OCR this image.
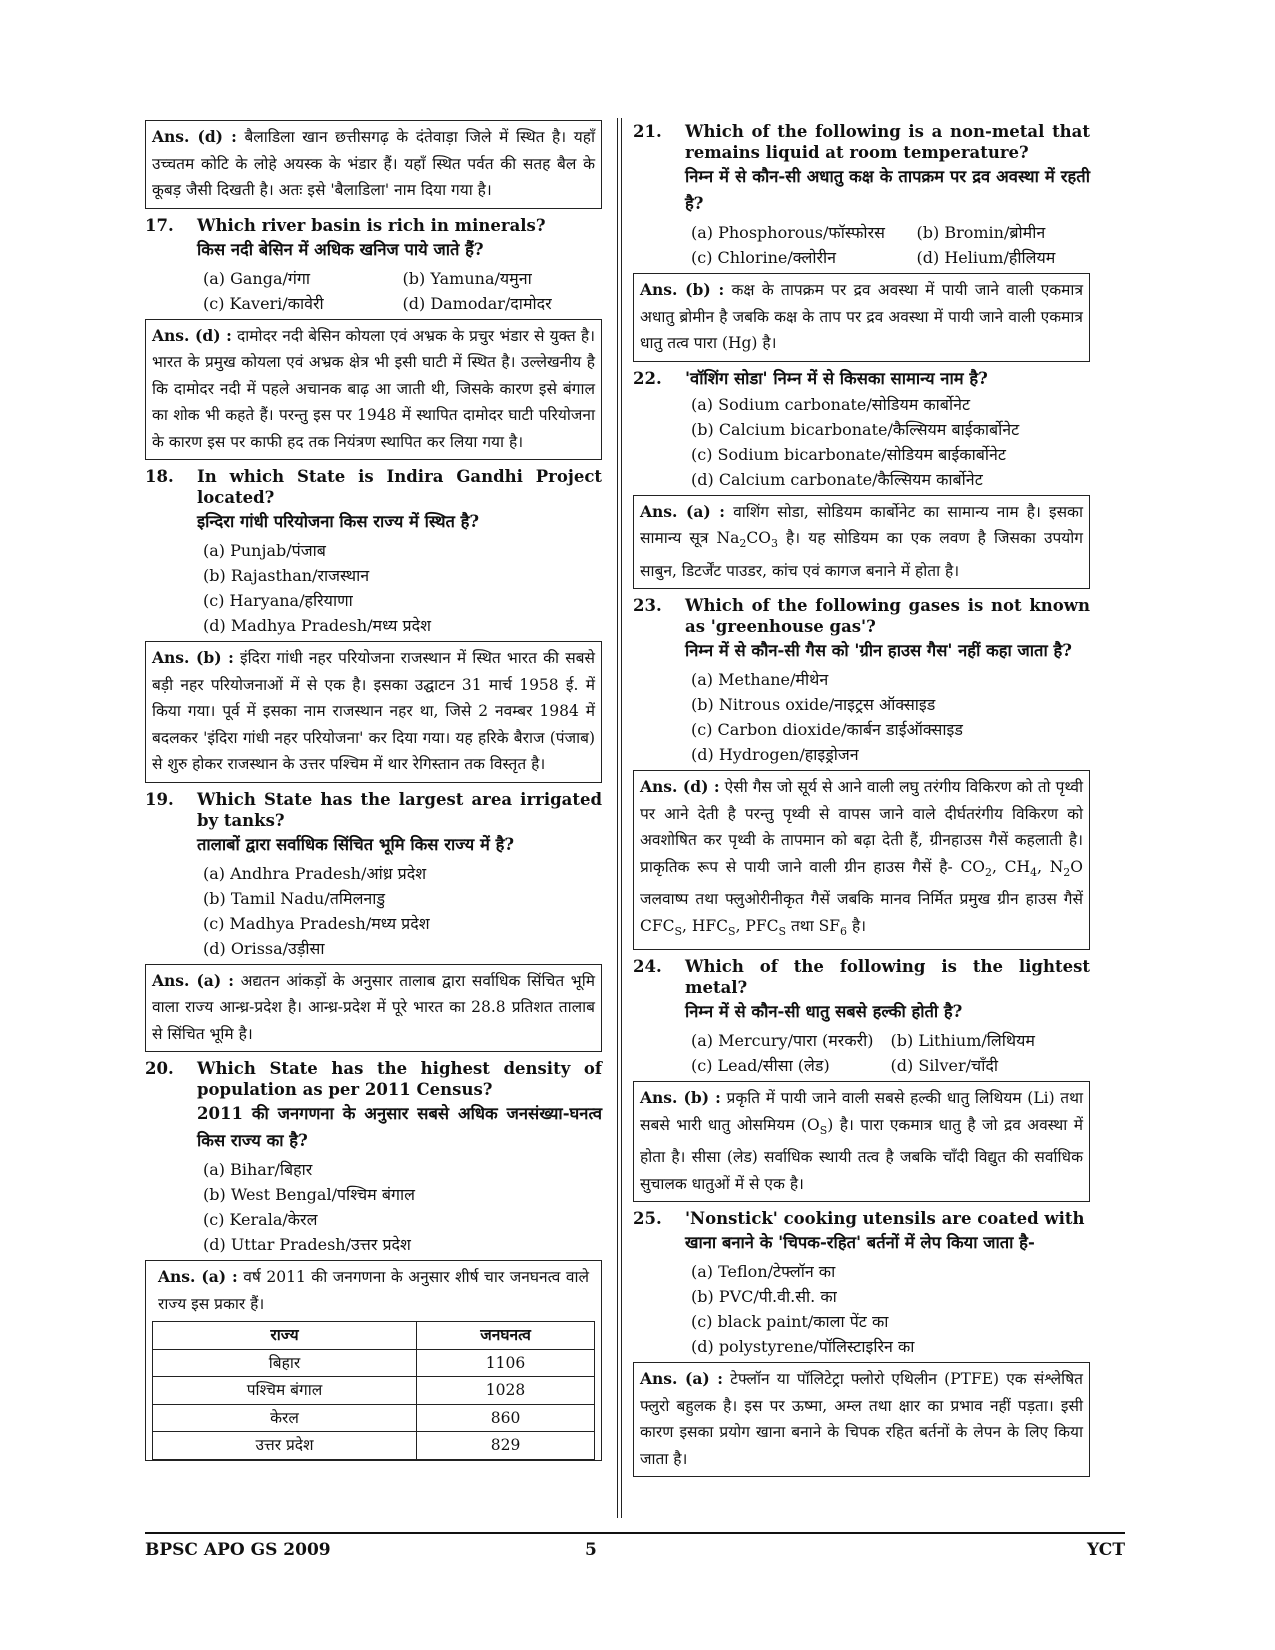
Ans. (d) : बैलाडिला खान छत्तीसगढ़ के दंतेवाड़ा जिले में स्थित है। यहाँ उच्चतम कोटि के लोहे अयस्क के भंडार हैं। यहाँ स्थित पर्वत की सतह बैल के कूबड़ जैसी दिखती है। अतः इसे 'बैलाडिला' नाम दिया गया है।
17.	Which river basin is rich in minerals?
किस नदी बेसिन में अधिक खनिज पाये जाते हैं?
(a) Ganga/गंगा	(b) Yamuna/यमुना
(c) Kaveri/कावेरी	(d) Damodar/दामोदर
Ans. (d) : दामोदर नदी बेसिन कोयला एवं अभ्रक के प्रचुर भंडार से युक्त है। भारत के प्रमुख कोयला एवं अभ्रक क्षेत्र भी इसी घाटी में स्थित है। उल्लेखनीय है कि दामोदर नदी में पहले अचानक बाढ़ आ जाती थी, जिसके कारण इसे बंगाल का शोक भी कहते हैं। परन्तु इस पर 1948 में स्थापित दामोदर घाटी परियोजना के कारण इस पर काफी हद तक नियंत्रण स्थापित कर लिया गया है।
18.	In which State is Indira Gandhi Project located?
इन्दिरा गांधी परियोजना किस राज्य में स्थित है?
(a) Punjab/पंजाब
(b) Rajasthan/राजस्थान
(c) Haryana/हरियाणा
(d) Madhya Pradesh/मध्य प्रदेश
Ans. (b) : इंदिरा गांधी नहर परियोजना राजस्थान में स्थित भारत की सबसे बड़ी नहर परियोजनाओं में से एक है। इसका उद्घाटन 31 मार्च 1958 ई. में किया गया। पूर्व में इसका नाम राजस्थान नहर था, जिसे 2 नवम्बर 1984 में बदलकर 'इंदिरा गांधी नहर परियोजना' कर दिया गया। यह हरिके बैराज (पंजाब) से शुरु होकर राजस्थान के उत्तर पश्चिम में थार रेगिस्तान तक विस्तृत है।
19.	Which State has the largest area irrigated by tanks?
तालाबों द्वारा सर्वाधिक सिंचित भूमि किस राज्य में है?
(a) Andhra Pradesh/आंध्र प्रदेश
(b) Tamil Nadu/तमिलनाडु
(c) Madhya Pradesh/मध्य प्रदेश
(d) Orissa/उड़ीसा
Ans. (a) : अद्यतन आंकड़ों के अनुसार तालाब द्वारा सर्वाधिक सिंचित भूमि वाला राज्य आन्ध्र-प्रदेश है। आन्ध्र-प्रदेश में पूरे भारत का 28.8 प्रतिशत तालाब से सिंचित भूमि है।
20.	Which State has the highest density of population as per 2011 Census?
2011 की जनगणना के अनुसार सबसे अधिक जनसंख्या-घनत्व किस राज्य का है?
(a) Bihar/बिहार
(b) West Bengal/पश्चिम बंगाल
(c) Kerala/केरल
(d) Uttar Pradesh/उत्तर प्रदेश
Ans. (a) : वर्ष 2011 की जनगणना के अनुसार शीर्ष चार जनघनत्व वाले राज्य इस प्रकार हैं।
राज्य	जनघनत्व
बिहार	1106
पश्चिम बंगाल	1028
केरल	860
उत्तर प्रदेश	829
21.	Which of the following is a non-metal that remains liquid at room temperature?
निम्न में से कौन-सी अधातु कक्ष के तापक्रम पर द्रव अवस्था में रहती है?
(a) Phosphorous/फॉस्फोरस	(b) Bromin/ब्रोमीन
(c) Chlorine/क्लोरीन	(d) Helium/हीलियम
Ans. (b) : कक्ष के तापक्रम पर द्रव अवस्था में पायी जाने वाली एकमात्र अधातु ब्रोमीन है जबकि कक्ष के ताप पर द्रव अवस्था में पायी जाने वाली एकमात्र धातु तत्व पारा (Hg) है।
22.	'वॉशिंग सोडा' निम्न में से किसका सामान्य नाम है?
(a) Sodium carbonate/सोडियम कार्बोनेट
(b) Calcium bicarbonate/कैल्सियम बाईकार्बोनेट
(c) Sodium bicarbonate/सोडियम बाईकार्बोनेट
(d) Calcium carbonate/कैल्सियम कार्बोनेट
Ans. (a) : वाशिंग सोडा, सोडियम कार्बोनेट का सामान्य नाम है। इसका सामान्य सूत्र $Na_2CO_3$ है। यह सोडियम का एक लवण है जिसका उपयोग साबुन, डिटर्जेंट पाउडर, कांच एवं कागज बनाने में होता है।
23.	Which of the following gases is not known as 'greenhouse gas'?
निम्न में से कौन-सी गैस को 'ग्रीन हाउस गैस' नहीं कहा जाता है?
(a) Methane/मीथेन
(b) Nitrous oxide/नाइट्रस ऑक्साइड
(c) Carbon dioxide/कार्बन डाईऑक्साइड
(d) Hydrogen/हाइड्रोजन
Ans. (d) : ऐसी गैस जो सूर्य से आने वाली लघु तरंगीय विकिरण को तो पृथ्वी पर आने देती है परन्तु पृथ्वी से वापस जाने वाले दीर्घतरंगीय विकिरण को अवशोषित कर पृथ्वी के तापमान को बढ़ा देती हैं, ग्रीनहाउस गैसें कहलाती है। प्राकृतिक रूप से पायी जाने वाली ग्रीन हाउस गैसें है- $CO_2$, $CH_4$, $N_2O$ जलवाष्प तथा फ्लुओरीनीकृत गैसें जबकि मानव निर्मित प्रमुख ग्रीन हाउस गैसें $CFC_S$, $HFC_S$, $PFC_S$ तथा $SF_6$ है।
24.	Which of the following is the lightest metal?
निम्न में से कौन-सी धातु सबसे हल्की होती है?
(a) Mercury/पारा (मरकरी)	(b) Lithium/लिथियम
(c) Lead/सीसा (लेड)	(d) Silver/चाँदी
Ans. (b) : प्रकृति में पायी जाने वाली सबसे हल्की धातु लिथियम (Li) तथा सबसे भारी धातु ओसमियम $(O_S)$ है। पारा एकमात्र धातु है जो द्रव अवस्था में होता है। सीसा (लेड) सर्वाधिक स्थायी तत्व है जबकि चाँदी विद्युत की सर्वाधिक सुचालक धातुओं में से एक है।
25.	'Nonstick' cooking utensils are coated with
खाना बनाने के 'चिपक-रहित' बर्तनों में लेप किया जाता है-
(a) Teflon/टेफ्लॉन का
(b) PVC/पी.वी.सी. का
(c) black paint/काला पेंट का
(d) polystyrene/पॉलिस्टाइरिन का
Ans. (a) : टेफ्लॉन या पॉलिटेट्रा फ्लोरो एथिलीन (PTFE) एक संश्लेषित फ्लुरो बहुलक है। इस पर ऊष्मा, अम्ल तथा क्षार का प्रभाव नहीं पड़ता। इसी कारण इसका प्रयोग खाना बनाने के चिपक रहित बर्तनों के लेपन के लिए किया जाता है।
BPSC APO GS 2009	5	YCT
